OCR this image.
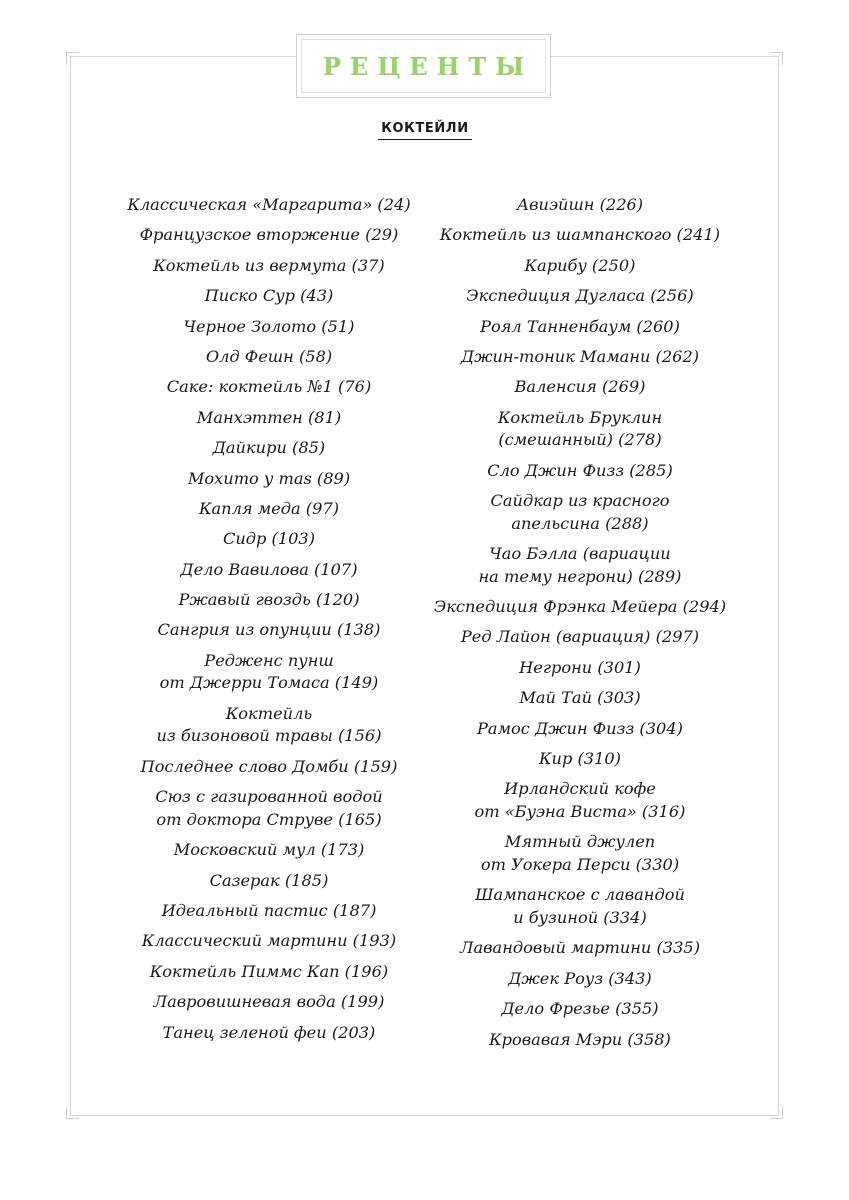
РЕЦЕНТЫ
КОКТЕЙЛИ
Классическая «Маргарита» (24)
Французское вторжение (29)
Коктейль из вермута (37)
Писко Сур (43)
Черное Золото (51)
Олд Фешн (58)
Саке: коктейль №1 (76)
Манхэттен (81)
Дайкири (85)
Мохито у mas (89)
Капля меда (97)
Сидр (103)
Дело Вавилова (107)
Ржавый гвоздь (120)
Сангрия из опунции (138)
Редженс пунш
от Джерри Томаса (149)
Коктейль
из бизоновой травы (156)
Последнее слово Домби (159)
Сюз с газированной водой
от доктора Струве (165)
Московский мул (173)
Сазерак (185)
Идеальный пастис (187)
Классический мартини (193)
Коктейль Пиммс Кап (196)
Лавровишневая вода (199)
Танец зеленой феи (203)
Авиэйшн (226)
Коктейль из шампанского (241)
Карибу (250)
Экспедиция Дугласа (256)
Роял Танненбаум (260)
Джин-тоник Мамани (262)
Валенсия (269)
Коктейль Бруклин
(смешанный) (278)
Сло Джин Физз (285)
Сайдкар из красного
апельсина (288)
Чао Бэлла (вариации
на тему негрони) (289)
Экспедиция Фрэнка Мейера (294)
Ред Лайон (вариация) (297)
Негрони (301)
Май Тай (303)
Рамос Джин Физз (304)
Кир (310)
Ирландский кофе
от «Буэна Виста» (316)
Мятный джулеп
от Уокера Перси (330)
Шампанское с лавандой
и бузиной (334)
Лавандовый мартини (335)
Джек Роуз (343)
Дело Фрезье (355)
Кровавая Мэри (358)
